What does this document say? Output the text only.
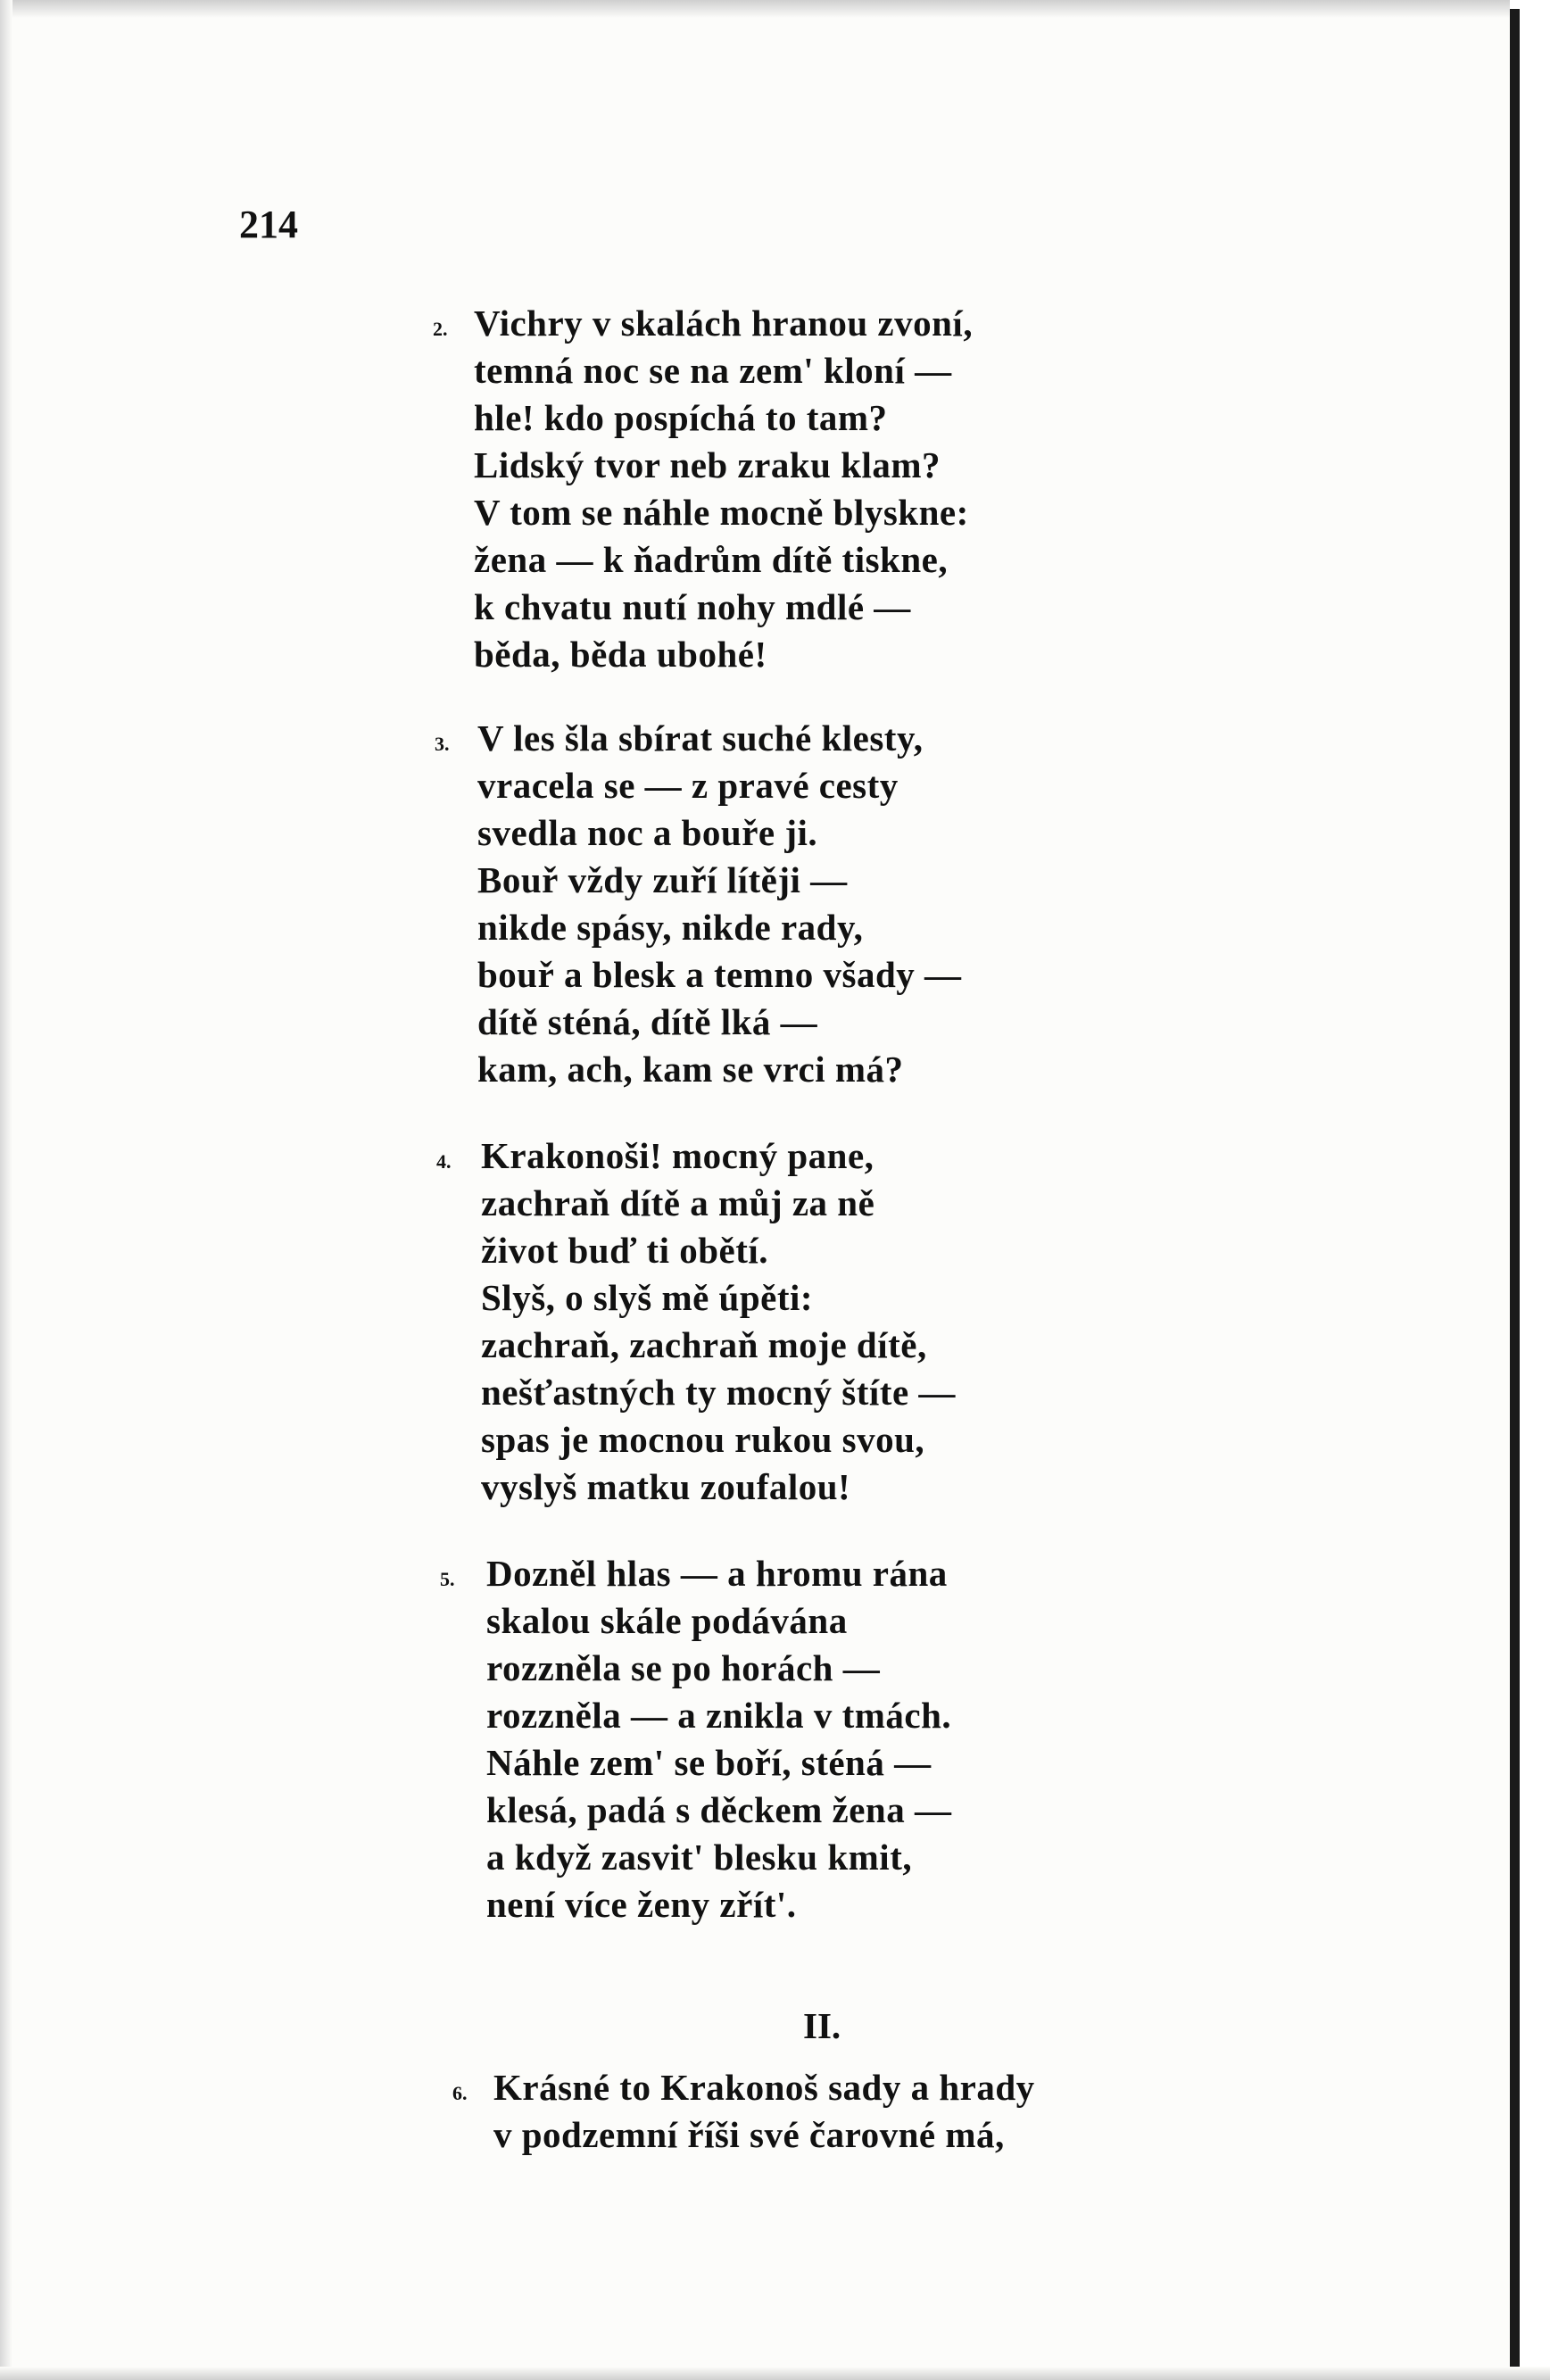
214
2. Vichry v skalách hranou zvoní,
temná noc se na zem' kloní —
hle! kdo pospíchá to tam?
Lidský tvor neb zraku klam?
V tom se náhle mocně blyskne:
žena — k ňadrům dítě tiskne,
k chvatu nutí nohy mdlé —
běda, běda ubohé!
3. V les šla sbírat suché klesty,
vracela se — z pravé cesty
svedla noc a bouře ji.
Bouř vždy zuří lítěji —
nikde spásy, nikde rady,
bouř a blesk a temno všady —
dítě sténá, dítě lká —
kam, ach, kam se vrci má?
4. Krakonoši! mocný pane,
zachraň dítě a můj za ně
život buď ti obětí.
Slyš, o slyš mě úpěti:
zachraň, zachraň moje dítě,
nešťastných ty mocný štíte —
spas je mocnou rukou svou,
vyslyš matku zoufalou!
5. Dozněl hlas — a hromu rána
skalou skále podávána
rozzněla se po horách —
rozzněla — a znikla v tmách.
Náhle zem' se boří, sténá —
klesá, padá s děckem žena —
a když zasvit' blesku kmit,
není více ženy zřít'.
II.
6. Krásné to Krakonoš sady a hrady
v podzemní říši své čarovné má,
